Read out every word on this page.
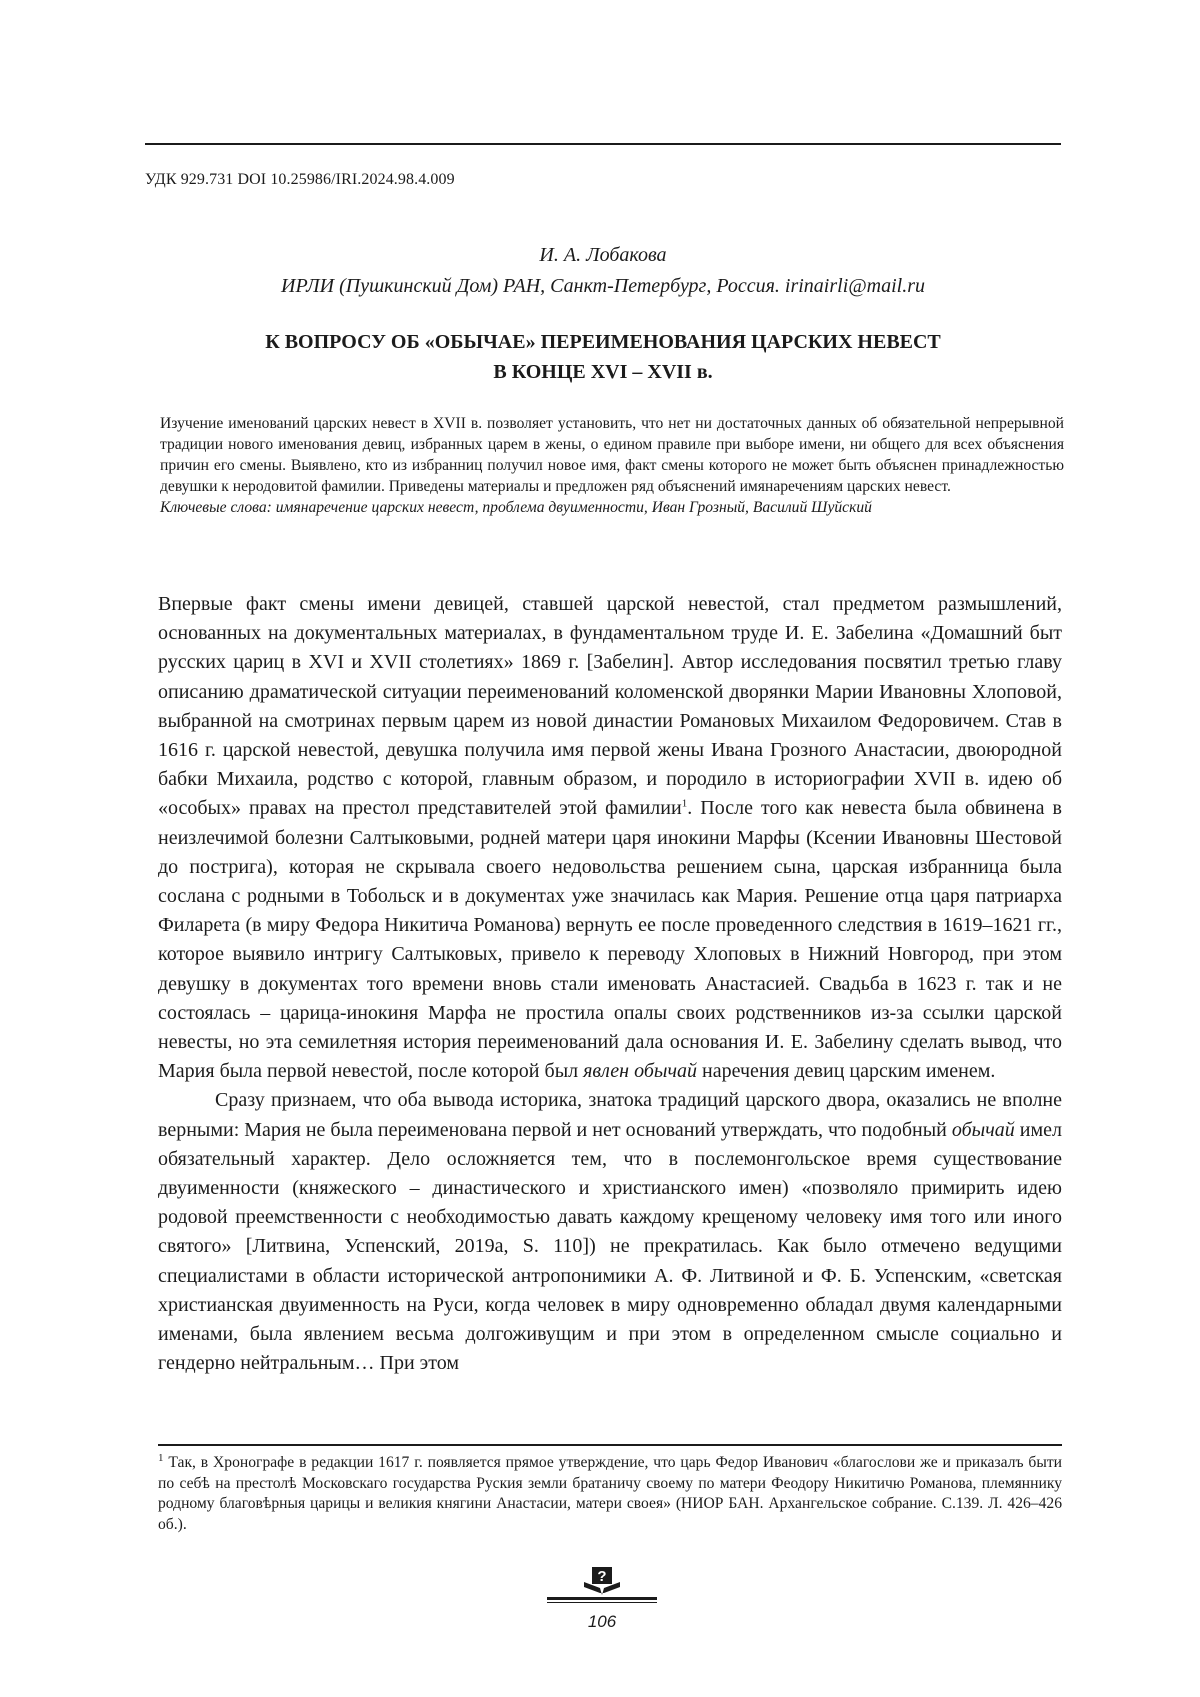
УДК 929.731 DOI 10.25986/IRI.2024.98.4.009
И. А. Лобакова
ИРЛИ (Пушкинский Дом) РАН, Санкт-Петербург, Россия. irinairli@mail.ru
К ВОПРОСУ ОБ «ОБЫЧАЕ» ПЕРЕИМЕНОВАНИЯ ЦАРСКИХ НЕВЕСТ
В КОНЦЕ XVI – XVII в.

Изучение именований царских невест в XVII в. позволяет установить, что нет ни достаточных данных об обязательной непрерывной традиции нового именования девиц, избранных царем в жены, о едином правиле при выборе имени, ни общего для всех объяснения причин его смены. Выявлено, кто из избранниц получил новое имя, факт смены которого не может быть объяснен принадлежностью девушки к неродовитой фамилии. Приведены материалы и предложен ряд объяснений имянаречениям царских невест.

Ключевые слова: имянаречение царских невест, проблема двуименности, Иван Грозный, Василий Шуйский

Впервые факт смены имени девицей, ставшей царской невестой, стал предметом размышлений, основанных на документальных материалах, в фундаментальном труде И. Е. Забелина «Домашний быт русских цариц в XVI и XVII столетиях» 1869 г. [Забелин]. Автор исследования посвятил третью главу описанию драматической ситуации переименований коломенской дворянки Марии Ивановны Хлоповой, выбранной на смотринах первым царем из новой династии Романовых Михаилом Федоровичем. Став в 1616 г. царской невестой, девушка получила имя первой жены Ивана Грозного Анастасии, двоюродной бабки Михаила, родство с которой, главным образом, и породило в историографии XVII в. идею об «особых» правах на престол представителей этой фамилии$^1$. После того как невеста была обвинена в неизлечимой болезни Салтыковыми, родней матери царя инокини Марфы (Ксении Ивановны Шестовой до пострига), которая не скрывала своего недовольства решением сына, царская избранница была сослана с родными в Тобольск и в документах уже значилась как Мария. Решение отца царя патриарха Филарета (в миру Федора Никитича Романова) вернуть ее после проведенного следствия в 1619–1621 гг., которое выявило интригу Салтыковых, привело к переводу Хлоповых в Нижний Новгород, при этом девушку в документах того времени вновь стали именовать Анастасией. Свадьба в 1623 г. так и не состоялась – царица-инокиня Марфа не простила опалы своих родственников из-за ссылки царской невесты, но эта семилетняя история переименований дала основания И. Е. Забелину сделать вывод, что Мария была первой невестой, после которой был явлен обычай наречения девиц царским именем.

Сразу признаем, что оба вывода историка, знатока традиций царского двора, оказались не вполне верными: Мария не была переименована первой и нет оснований утверждать, что подобный обычай имел обязательный характер. Дело осложняется тем, что в послемонгольское время существование двуименности (княжеского – династического и христианского имен) «позволяло примирить идею родовой преемственности с необходимостью давать каждому крещеному человеку имя того или иного святого» [Литвина, Успенский, 2019а, S. 110]) не прекратилась. Как было отмечено ведущими специалистами в области исторической антропонимики А. Ф. Литвиной и Ф. Б. Успенским, «светская христианская двуименность на Руси, когда человек в миру одновременно обладал двумя календарными именами, была явлением весьма долгоживущим и при этом в определенном смысле социально и гендерно нейтральным… При этом

$^1$ Так, в Хронографе в редакции 1617 г. появляется прямое утверждение, что царь Федор Иванович «благослови же и приказалъ быти по себѣ на престолѣ Московскаго государства Руския земли братаничу своему по матери Феодору Никитичю Романова, племяннику родному благовѣрныя царицы и великия княгини Анастасии, матери своея» (НИОР БАН. Архангельское собрание. С.139. Л. 426–426 об.).

?
106
